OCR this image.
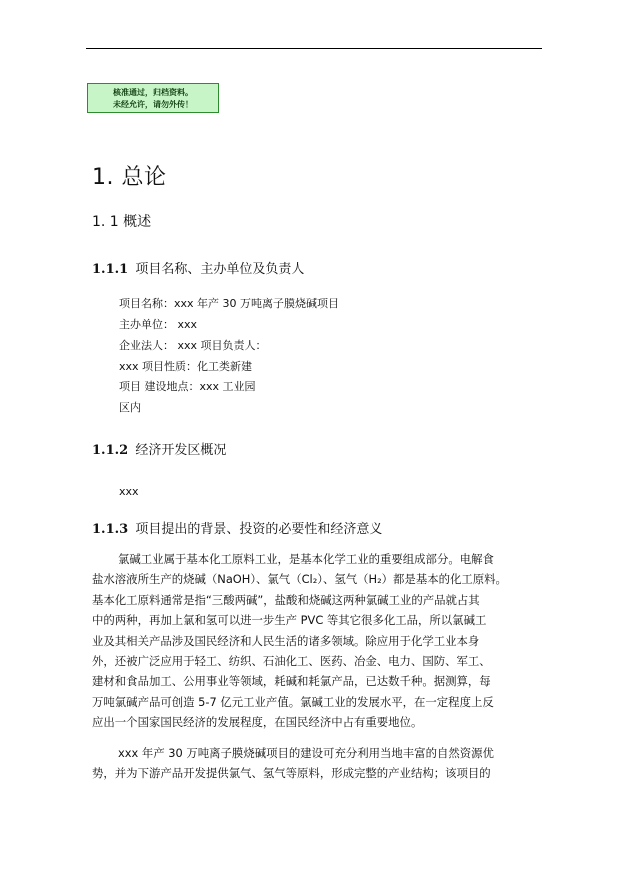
核准通过，归档资料。
未经允许，请勿外传！
1. 总论
1. 1 概述
1.1.1 项目名称、主办单位及负责人
项目名称：xxx 年产 30 万吨离子膜烧碱项目
主办单位： xxx
企业法人： xxx 项目负责人：
xxx 项目性质：化工类新建
项目 建设地点：xxx 工业园
区内
1.1.2 经济开发区概况
xxx
1.1.3 项目提出的背景、投资的必要性和经济意义
氯碱工业属于基本化工原料工业，是基本化学工业的重要组成部分。电解食
盐水溶液所生产的烧碱（NaOH）、氯气（Cl₂）、氢气（H₂）都是基本的化工原料。
基本化工原料通常是指“三酸两碱”，盐酸和烧碱这两种氯碱工业的产品就占其
中的两种，再加上氯和氢可以进一步生产 PVC 等其它很多化工品，所以氯碱工
业及其相关产品涉及国民经济和人民生活的诸多领域。除应用于化学工业本身
外，还被广泛应用于轻工、纺织、石油化工、医药、冶金、电力、国防、军工、
建材和食品加工、公用事业等领域，耗碱和耗氯产品，已达数千种。据测算，每
万吨氯碱产品可创造 5-7 亿元工业产值。氯碱工业的发展水平，在一定程度上反
应出一个国家国民经济的发展程度，在国民经济中占有重要地位。
xxx 年产 30 万吨离子膜烧碱项目的建设可充分利用当地丰富的自然资源优
势，并为下游产品开发提供氯气、氢气等原料，形成完整的产业结构；该项目的
